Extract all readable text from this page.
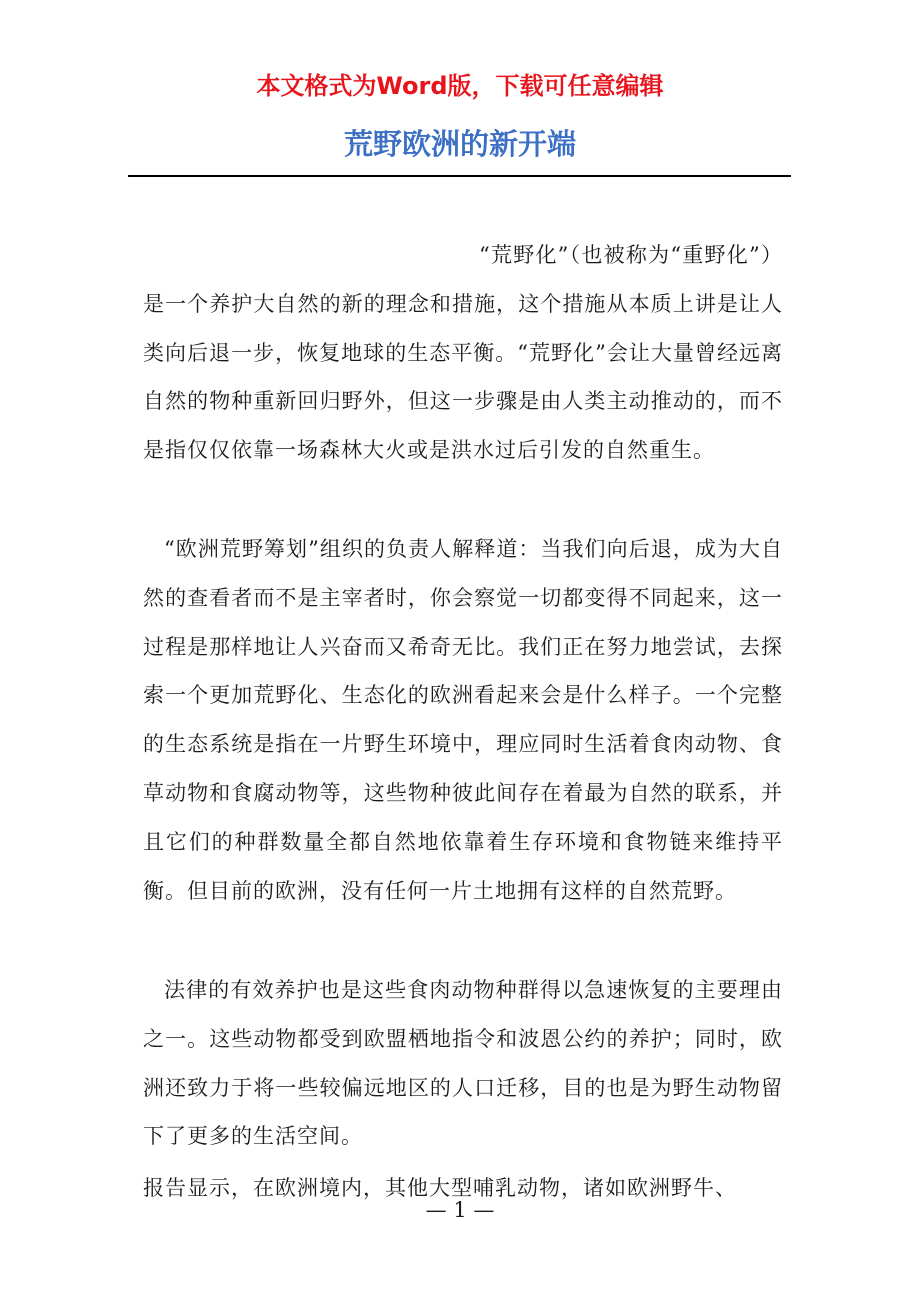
本文格式为Word版，下载可任意编辑
荒野欧洲的新开端

“荒野化”（也被称为“重野化”）是一个养护大自然的新的理念和措施，这个措施从本质上讲是让人类向后退一步，恢复地球的生态平衡。“荒野化”会让大量曾经远离自然的物种重新回归野外，但这一步骤是由人类主动推动的，而不是指仅仅依靠一场森林大火或是洪水过后引发的自然重生。

“欧洲荒野筹划”组织的负责人解释道：当我们向后退，成为大自然的查看者而不是主宰者时，你会察觉一切都变得不同起来，这一过程是那样地让人兴奋而又希奇无比。我们正在努力地尝试，去探索一个更加荒野化、生态化的欧洲看起来会是什么样子。一个完整的生态系统是指在一片野生环境中，理应同时生活着食肉动物、食草动物和食腐动物等，这些物种彼此间存在着最为自然的联系，并且它们的种群数量全都自然地依靠着生存环境和食物链来维持平衡。但目前的欧洲，没有任何一片土地拥有这样的自然荒野。

法律的有效养护也是这些食肉动物种群得以急速恢复的主要理由之一。这些动物都受到欧盟栖地指令和波恩公约的养护；同时，欧洲还致力于将一些较偏远地区的人口迁移，目的也是为野生动物留下了更多的生活空间。

报告显示，在欧洲境内，其他大型哺乳动物，诸如欧洲野牛、

— 1 —
